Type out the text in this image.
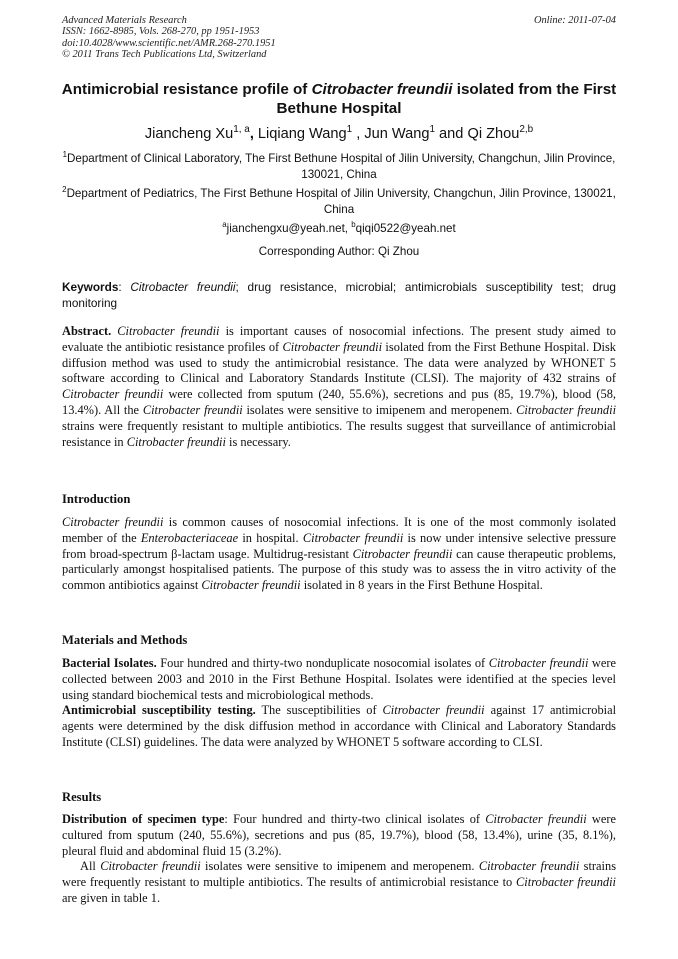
Advanced Materials Research
ISSN: 1662-8985, Vols. 268-270, pp 1951-1953
doi:10.4028/www.scientific.net/AMR.268-270.1951
© 2011 Trans Tech Publications Ltd, Switzerland
Online: 2011-07-04
Antimicrobial resistance profile of Citrobacter freundii isolated from the First Bethune Hospital
Jiancheng Xu$^{1, a}$, Liqiang Wang$^1$ , Jun Wang$^1$ and Qi Zhou$^{2,b}$
$^1$Department of Clinical Laboratory, The First Bethune Hospital of Jilin University, Changchun, Jilin Province, 130021, China
$^2$Department of Pediatrics, The First Bethune Hospital of Jilin University, Changchun, Jilin Province, 130021, China
$^a$jianchengxu@yeah.net, $^b$qiqi0522@yeah.net
Corresponding Author: Qi Zhou
Keywords: Citrobacter freundii; drug resistance, microbial; antimicrobials susceptibility test; drug monitoring

Abstract. Citrobacter freundii is important causes of nosocomial infections. The present study aimed to evaluate the antibiotic resistance profiles of Citrobacter freundii isolated from the First Bethune Hospital. Disk diffusion method was used to study the antimicrobial resistance. The data were analyzed by WHONET 5 software according to Clinical and Laboratory Standards Institute (CLSI). The majority of 432 strains of Citrobacter freundii were collected from sputum (240, 55.6%), secretions and pus (85, 19.7%), blood (58, 13.4%). All the Citrobacter freundii isolates were sensitive to imipenem and meropenem. Citrobacter freundii strains were frequently resistant to multiple antibiotics. The results suggest that surveillance of antimicrobial resistance in Citrobacter freundii is necessary.

Introduction

Citrobacter freundii is common causes of nosocomial infections. It is one of the most commonly isolated member of the Enterobacteriaceae in hospital. Citrobacter freundii is now under intensive selective pressure from broad-spectrum β-lactam usage. Multidrug-resistant Citrobacter freundii can cause therapeutic problems, particularly amongst hospitalised patients. The purpose of this study was to assess the in vitro activity of the common antibiotics against Citrobacter freundii isolated in 8 years in the First Bethune Hospital.

Materials and Methods

Bacterial Isolates. Four hundred and thirty-two nonduplicate nosocomial isolates of Citrobacter freundii were collected between 2003 and 2010 in the First Bethune Hospital. Isolates were identified at the species level using standard biochemical tests and microbiological methods.

Antimicrobial susceptibility testing. The susceptibilities of Citrobacter freundii against 17 antimicrobial agents were determined by the disk diffusion method in accordance with Clinical and Laboratory Standards Institute (CLSI) guidelines. The data were analyzed by WHONET 5 software according to CLSI.

Results

Distribution of specimen type: Four hundred and thirty-two clinical isolates of Citrobacter freundii were cultured from sputum (240, 55.6%), secretions and pus (85, 19.7%), blood (58, 13.4%), urine (35, 8.1%), pleural fluid and abdominal fluid 15 (3.2%).

All Citrobacter freundii isolates were sensitive to imipenem and meropenem. Citrobacter freundii strains were frequently resistant to multiple antibiotics. The results of antimicrobial resistance to Citrobacter freundii are given in table 1.
